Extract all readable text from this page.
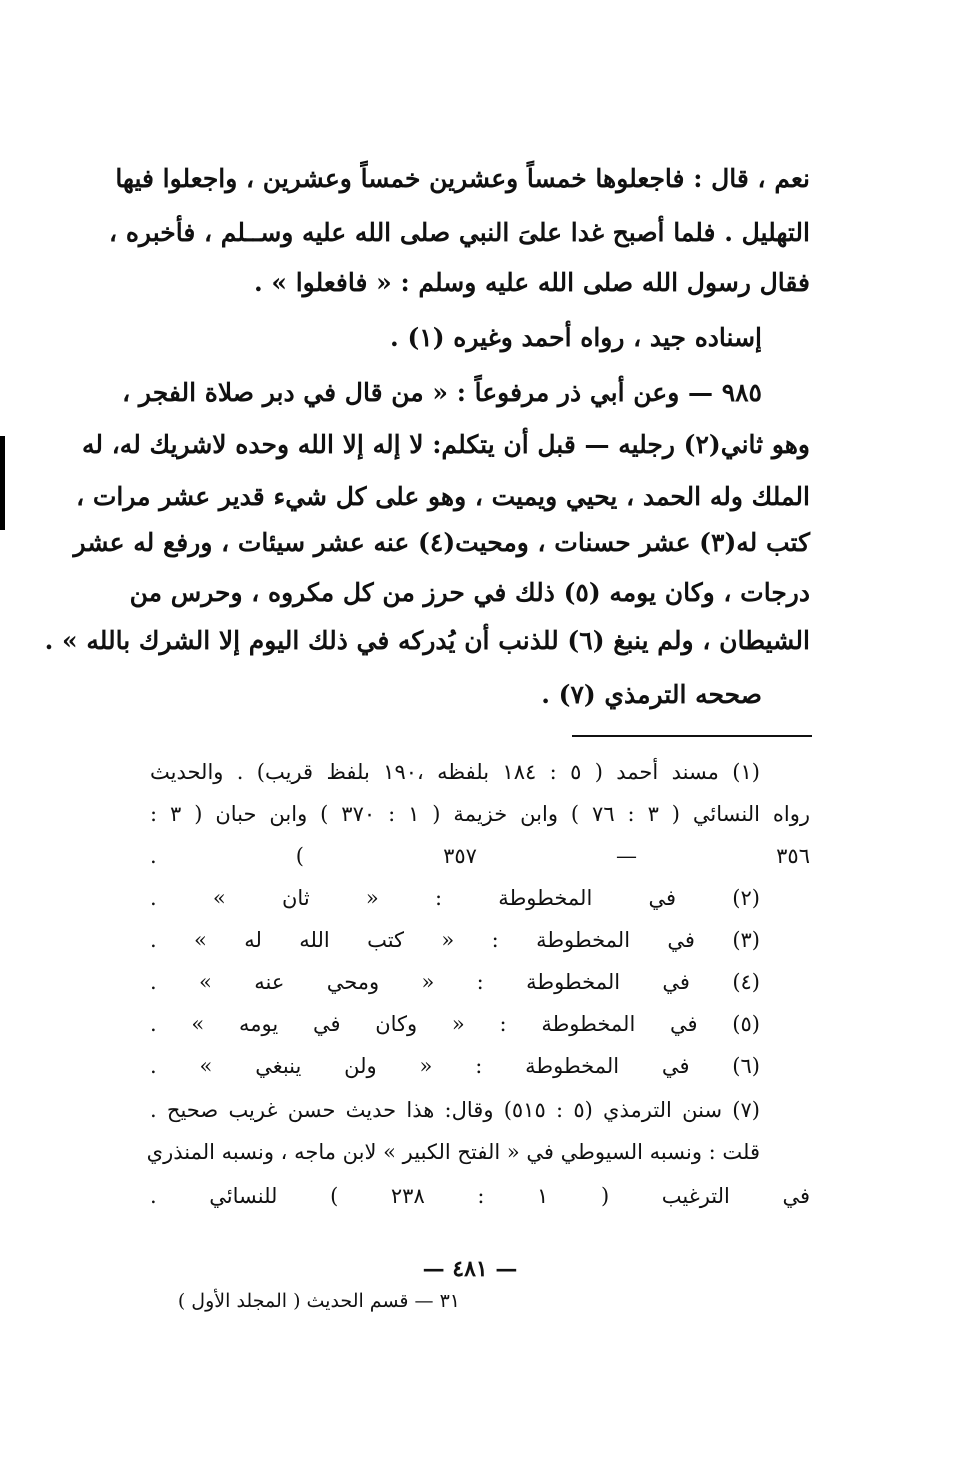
نعم ، قال : فاجعلوها خمساً وعشرين خمساً وعشرين ، واجعلوا فيها
التهليل . فلما أصبح غدا علىَ النبي صلى الله عليه وســلم ، فأخبره ،
فقال رسول الله صلى الله عليه وسلم : « فافعلوا » .
إسناده جيد ، رواه أحمد وغيره (١) .
٩٨٥ — وعن أبي ذر مرفوعاً : « من قال في دبر صلاة الفجر ،
وهو ثاني(٢) رجليه — قبل أن يتكلم: لا إله إلا الله وحده لاشريك له، له
الملك وله الحمد ، يحيي ويميت ، وهو على كل شيء قدير عشر مرات ،
كتب له(٣) عشر حسنات ، ومحيت(٤) عنه عشر سيئات ، ورفع له عشر
درجات ، وكان يومه (٥) ذلك في حرز من كل مكروه ، وحرس من
الشيطان ، ولم ينبغ (٦) للذنب أن يُدركه في ذلك اليوم إلا الشرك بالله » .
صححه الترمذي (٧) .
(١) مسند أحمد ( ٥ : ١٨٤ بلفظه ،١٩٠ بلفظ قريب) . والحديث
رواه النسائي ( ٣ : ٧٦ ) وابن خزيمة ( ١ : ٣٧٠ ) وابن حبان ( ٣ :
٣٥٦ — ٣٥٧ ) .
(٢) في المخطوطة : « ثان » .
(٣) في المخطوطة : « كتب الله له » .
(٤) في المخطوطة : « ومحي عنه » .
(٥) في المخطوطة : « وكان في يومه » .
(٦) في المخطوطة : « ولن ينبغي » .
(٧) سنن الترمذي (٥ : ٥١٥) وقال: هذا حديث حسن غريب صحيح .
قلت : ونسبه السيوطي في « الفتح الكبير » لابن ماجه ، ونسبه المنذري
في الترغيب ( ١ : ٢٣٨ ) للنسائي .
— ٤٨١ —
٣١ — قسم الحديث ( المجلد الأول )
